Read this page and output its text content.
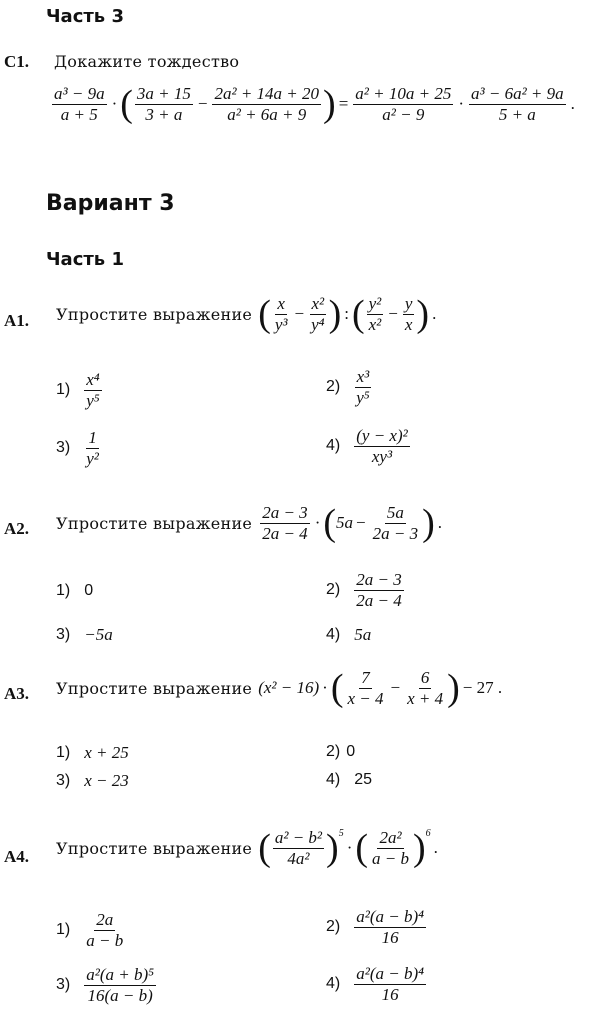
Часть 3
С1. Докажите тождество
$\frac{\text{a³ − 9a}}{a + 5}$ · ( $\frac{3a + 15}{3 + a} - \frac{\text{2a² + 14a + 20}}{\text{a² + 6a + 9}}$ ) = $\frac{\text{a² + 10a + 25}}{\text{a² − 9}} \cdot \frac{\text{a³ − 6a² + 9a}}{5 + a}$ .
Вариант 3
Часть 1
А1. Упростите выражение ( $\frac{x}{\text{y³}} - \frac{\text{x²}}{\text{y⁴}}$ ) : ( $\frac{\text{y²}}{\text{x²}} - \frac{y}{x}$ ) .
$1) \frac{\text{x⁴}}{\text{y⁵}}$	$2) \frac{\text{x³}}{\text{y⁵}}$
$3) \frac{1}{\text{y²}}$	$4) \frac{\text{(y − x)²}}{\text{xy³}}$
А2. Упростите выражение $\frac{2a - 3}{2a - 4}$ · ( $5a - \frac{5a}{2a - 3}$ ) .
1) 0	$2) \frac{2a - 3}{2a - 4}$
3) −5a	4) 5a
А3. Упростите выражение (x² − 16) · ( $\frac{7}{x - 4} - \frac{6}{x + 4}$ ) − 27 .
1) x + 25	2) 0
3) x − 23	4) 25
А4. Упростите выражение ( $\frac{\text{a² − b²}}{\text{4a²}} )^5$
· ( $\frac{\text{2a²}}{a - b} )^6$
.
$1) \frac{2a}{a - b}$	$2) \frac{\text{a²(a − b)⁴}}{16}$
$3) \frac{\text{a²(a + b)⁵}}{16(a - b)}$	$4) \frac{\text{a²(a − b)⁴}}{16}$
